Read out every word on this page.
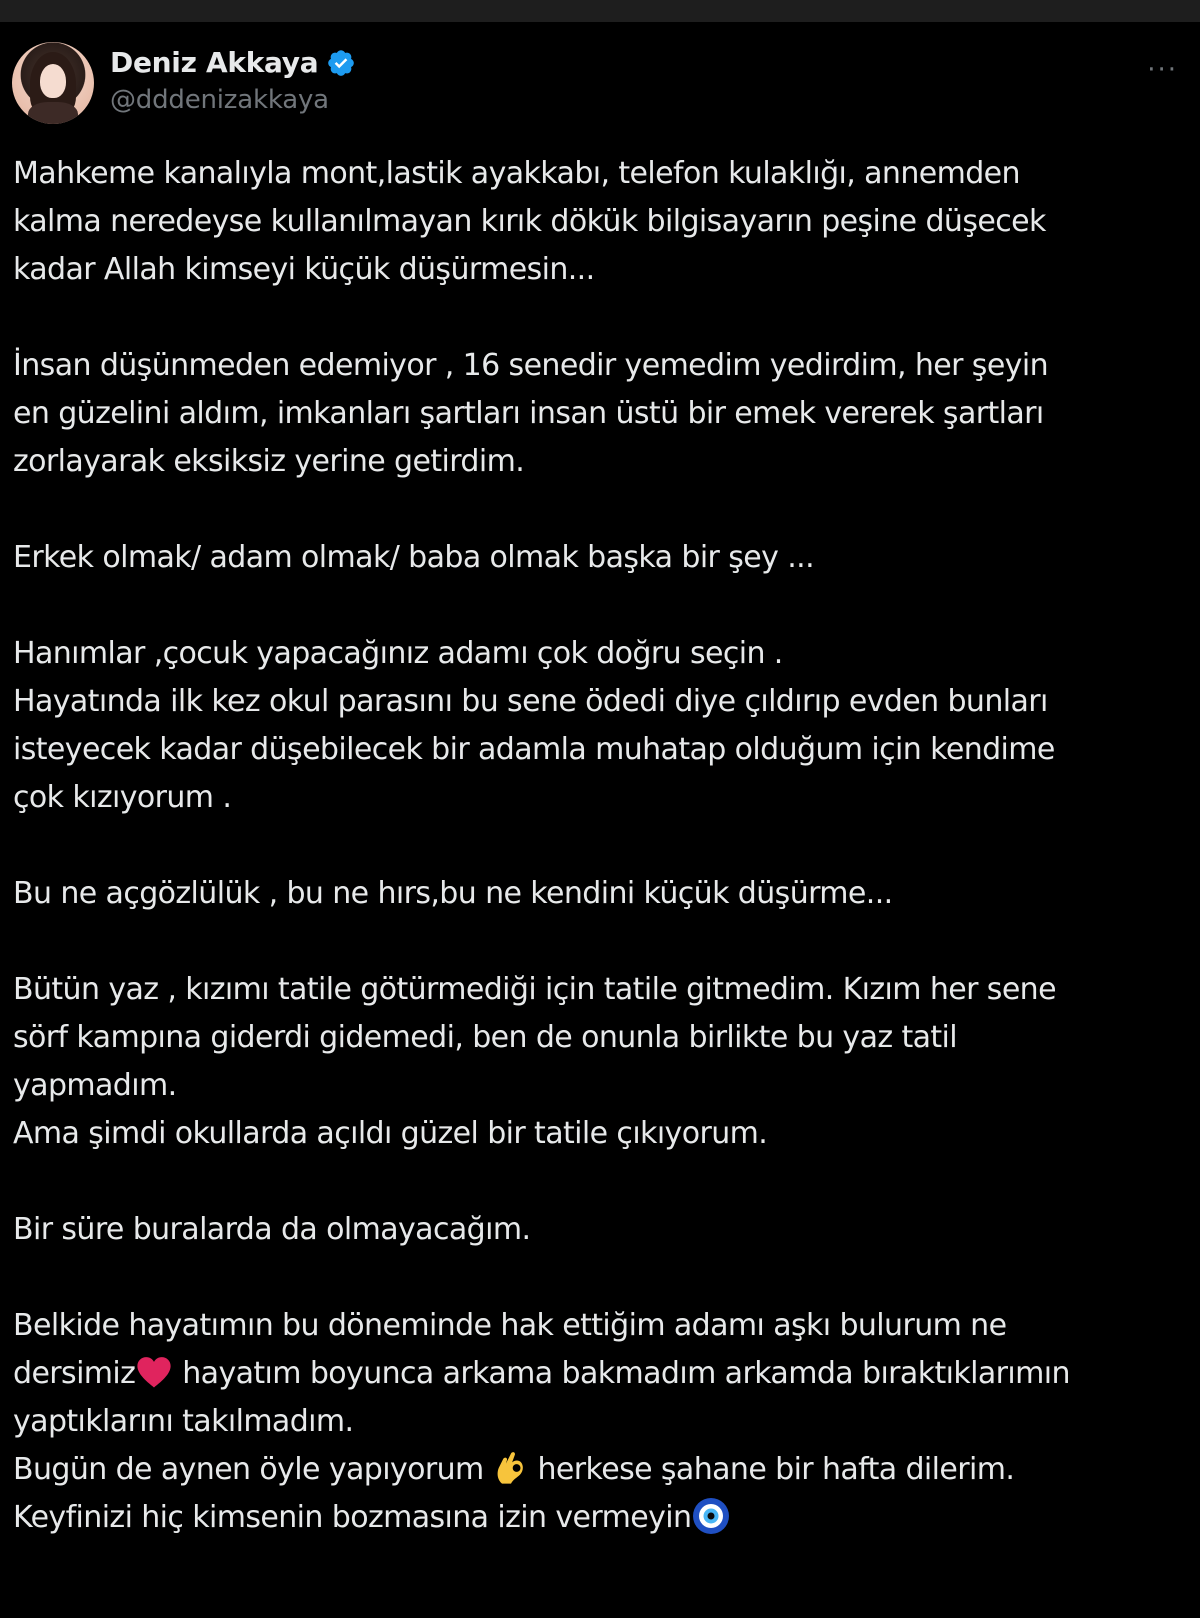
Deniz Akkaya
@dddenizakkaya
···
Mahkeme kanalıyla mont,lastik ayakkabı, telefon kulaklığı, annemden
kalma neredeyse kullanılmayan kırık dökük bilgisayarın peşine düşecek
kadar Allah kimseyi küçük düşürmesin...
İnsan düşünmeden edemiyor , 16 senedir yemedim yedirdim, her şeyin
en güzelini aldım, imkanları şartları insan üstü bir emek vererek şartları
zorlayarak eksiksiz yerine getirdim.
Erkek olmak/ adam olmak/ baba olmak başka bir şey ...
Hanımlar ,çocuk yapacağınız adamı çok doğru seçin .
Hayatında ilk kez okul parasını bu sene ödedi diye çıldırıp evden bunları
isteyecek kadar düşebilecek bir adamla muhatap olduğum için kendime
çok kızıyorum .
Bu ne açgözlülük , bu ne hırs,bu ne kendini küçük düşürme...
Bütün yaz , kızımı tatile götürmediği için tatile gitmedim. Kızım her sene
sörf kampına giderdi gidemedi, ben de onunla birlikte bu yaz tatil
yapmadım.
Ama şimdi okullarda açıldı güzel bir tatile çıkıyorum.
Bir süre buralarda da olmayacağım.
Belkide hayatımın bu döneminde hak ettiğim adamı aşkı bulurum ne
dersimiz hayatım boyunca arkama bakmadım arkamda bıraktıklarımın
yaptıklarını takılmadım.
Bugün de aynen öyle yapıyorum  herkese şahane bir hafta dilerim.
Keyfinizi hiç kimsenin bozmasına izin vermeyin
